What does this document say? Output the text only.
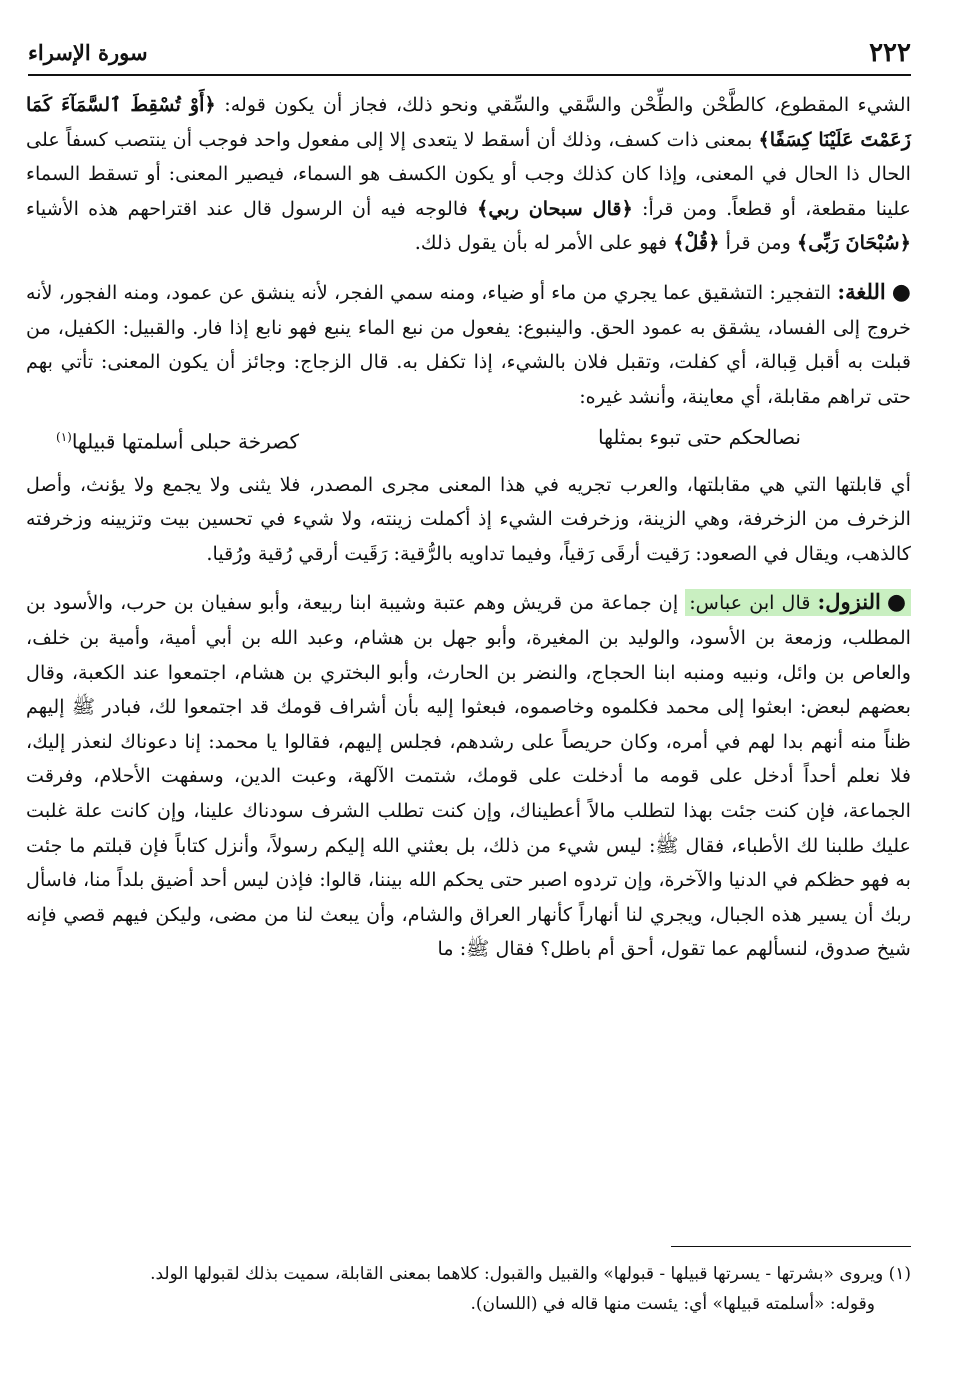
٢٢٢
سورة الإسراء

الشيء المقطوع، كالطَّحْن والطِّحْن والسَّقي والسِّقي ونحو ذلك، فجاز أن يكون قوله: ﴿أَوْ تُسْقِطَ ٱلسَّمَآءَ كَمَا زَعَمْتَ عَلَيْنَا كِسَفًا﴾ بمعنى ذات كسف، وذلك أن أسقط لا يتعدى إلا إلى مفعول واحد فوجب أن ينتصب كسفاً على الحال ذا الحال في المعنى، وإذا كان كذلك وجب أو يكون الكسف هو السماء، فيصير المعنى: أو تسقط السماء علينا مقطعة، أو قطعاً. ومن قرأ: ﴿قال سبحان ربي﴾ فالوجه فيه أن الرسول قال عند اقتراحهم هذه الأشياء ﴿سُبْحَانَ رَبِّى﴾ ومن قرأ ﴿قُلْ﴾ فهو على الأمر له بأن يقول ذلك.

●اللغة: التفجير: التشقيق عما يجري من ماء أو ضياء، ومنه سمي الفجر، لأنه ينشق عن عمود، ومنه الفجور، لأنه خروج إلى الفساد، يشقق به عمود الحق. والينبوع: يفعول من نبع الماء ينبع فهو نابع إذا فار. والقبيل: الكفيل، من قبلت به أقبل قِبالة، أي كفلت، وتقبل فلان بالشيء، إذا تكفل به. قال الزجاج: وجائز أن يكون المعنى: تأتي بهم حتى تراهم مقابلة، أي معاينة، وأنشد غيره:

نصالحكم حتى تبوء بمثلها
كصرخة حبلى أسلمتها قبيلها$^{(١)}$

أي قابلتها التي هي مقابلتها، والعرب تجريه في هذا المعنى مجرى المصدر، فلا يثنى ولا يجمع ولا يؤنث، وأصل الزخرف من الزخرفة، وهي الزينة، وزخرفت الشيء إذ أكملت زينته، ولا شيء في تحسين بيت وتزيينه وزخرفته كالذهب، ويقال في الصعود: رَقيت أرقَى رَقياً، وفيما تداويه بالرُّقية: رَقَيت أرقي رُقية ورُقيا.

●النزول: قال ابن عباس: إن جماعة من قريش وهم عتبة وشيبة ابنا ربيعة، وأبو سفيان بن حرب، والأسود بن المطلب، وزمعة بن الأسود، والوليد بن المغيرة، وأبو جهل بن هشام، وعبد الله بن أبي أمية، وأمية بن خلف، والعاص بن وائل، ونبيه ومنبه ابنا الحجاج، والنضر بن الحارث، وأبو البختري بن هشام، اجتمعوا عند الكعبة، وقال بعضهم لبعض: ابعثوا إلى محمد فكلموه وخاصموه، فبعثوا إليه بأن أشراف قومك قد اجتمعوا لك، فبادر ﷺ إليهم ظناً منه أنهم بدا لهم في أمره، وكان حريصاً على رشدهم، فجلس إليهم، فقالوا يا محمد: إنا دعوناك لنعذر إليك، فلا نعلم أحداً أدخل على قومه ما أدخلت على قومك، شتمت الآلهة، وعبت الدين، وسفهت الأحلام، وفرقت الجماعة، فإن كنت جئت بهذا لتطلب مالاً أعطيناك، وإن كنت تطلب الشرف سودناك علينا، وإن كانت علة غلبت عليك طلبنا لك الأطباء، فقال ﷺ: ليس شيء من ذلك، بل بعثني الله إليكم رسولاً، وأنزل كتاباً فإن قبلتم ما جئت به فهو حظكم في الدنيا والآخرة، وإن تردوه اصبر حتى يحكم الله بيننا، قالوا: فإذن ليس أحد أضيق بلداً منا، فاسأل ربك أن يسير هذه الجبال، ويجري لنا أنهاراً كأنهار العراق والشام، وأن يبعث لنا من مضى، وليكن فيهم قصي فإنه شيخ صدوق، لنسألهم عما تقول، أحق أم باطل؟ فقال ﷺ: ما

(١) ويروى «بشرتها - يسرتها قبيلها - قبولها» والقبيل والقبول: كلاهما بمعنى القابلة، سميت بذلك لقبولها الولد.

وقوله: «أسلمته قبيلها» أي: يئست منها قاله في (اللسان).
